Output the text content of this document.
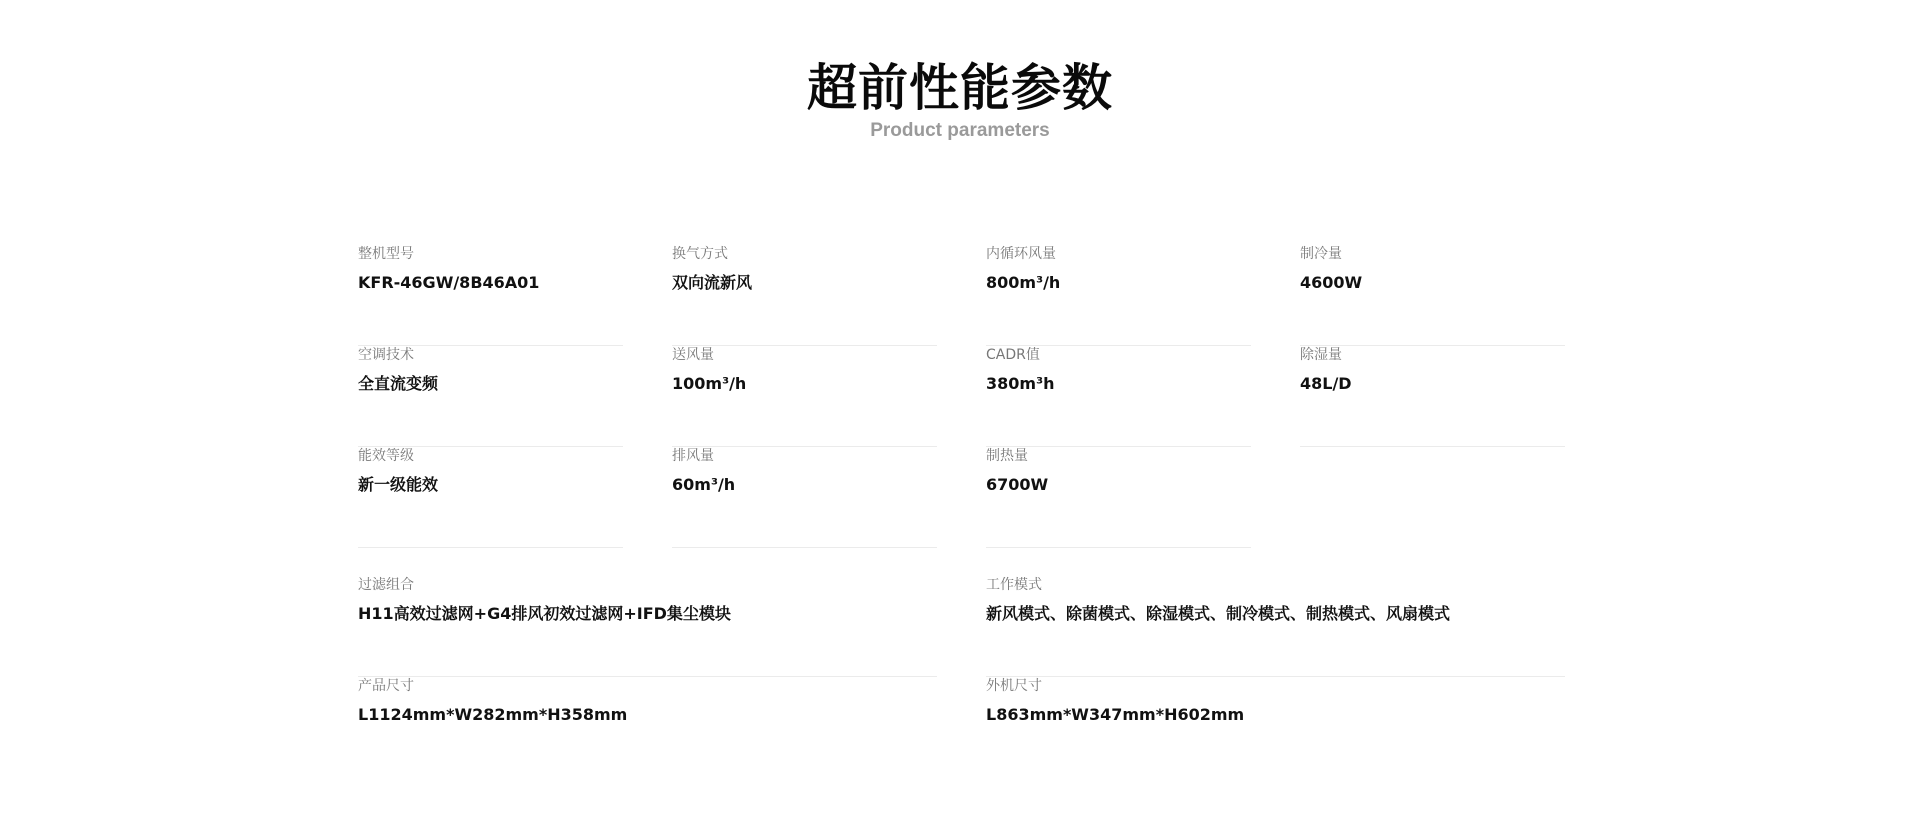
超前性能参数
Product parameters
整机型号
KFR-46GW/8B46A01
换气方式
双向流新风
内循环风量
800m³/h
制冷量
4600W
空调技术
全直流变频
送风量
100m³/h
CADR值
380m³h
除湿量
48L/D
能效等级
新一级能效
排风量
60m³/h
制热量
6700W
过滤组合
H11高效过滤网+G4排风初效过滤网+IFD集尘模块
工作模式
新风模式、除菌模式、除湿模式、制冷模式、制热模式、风扇模式
产品尺寸
L1124mm*W282mm*H358mm
外机尺寸
L863mm*W347mm*H602mm
